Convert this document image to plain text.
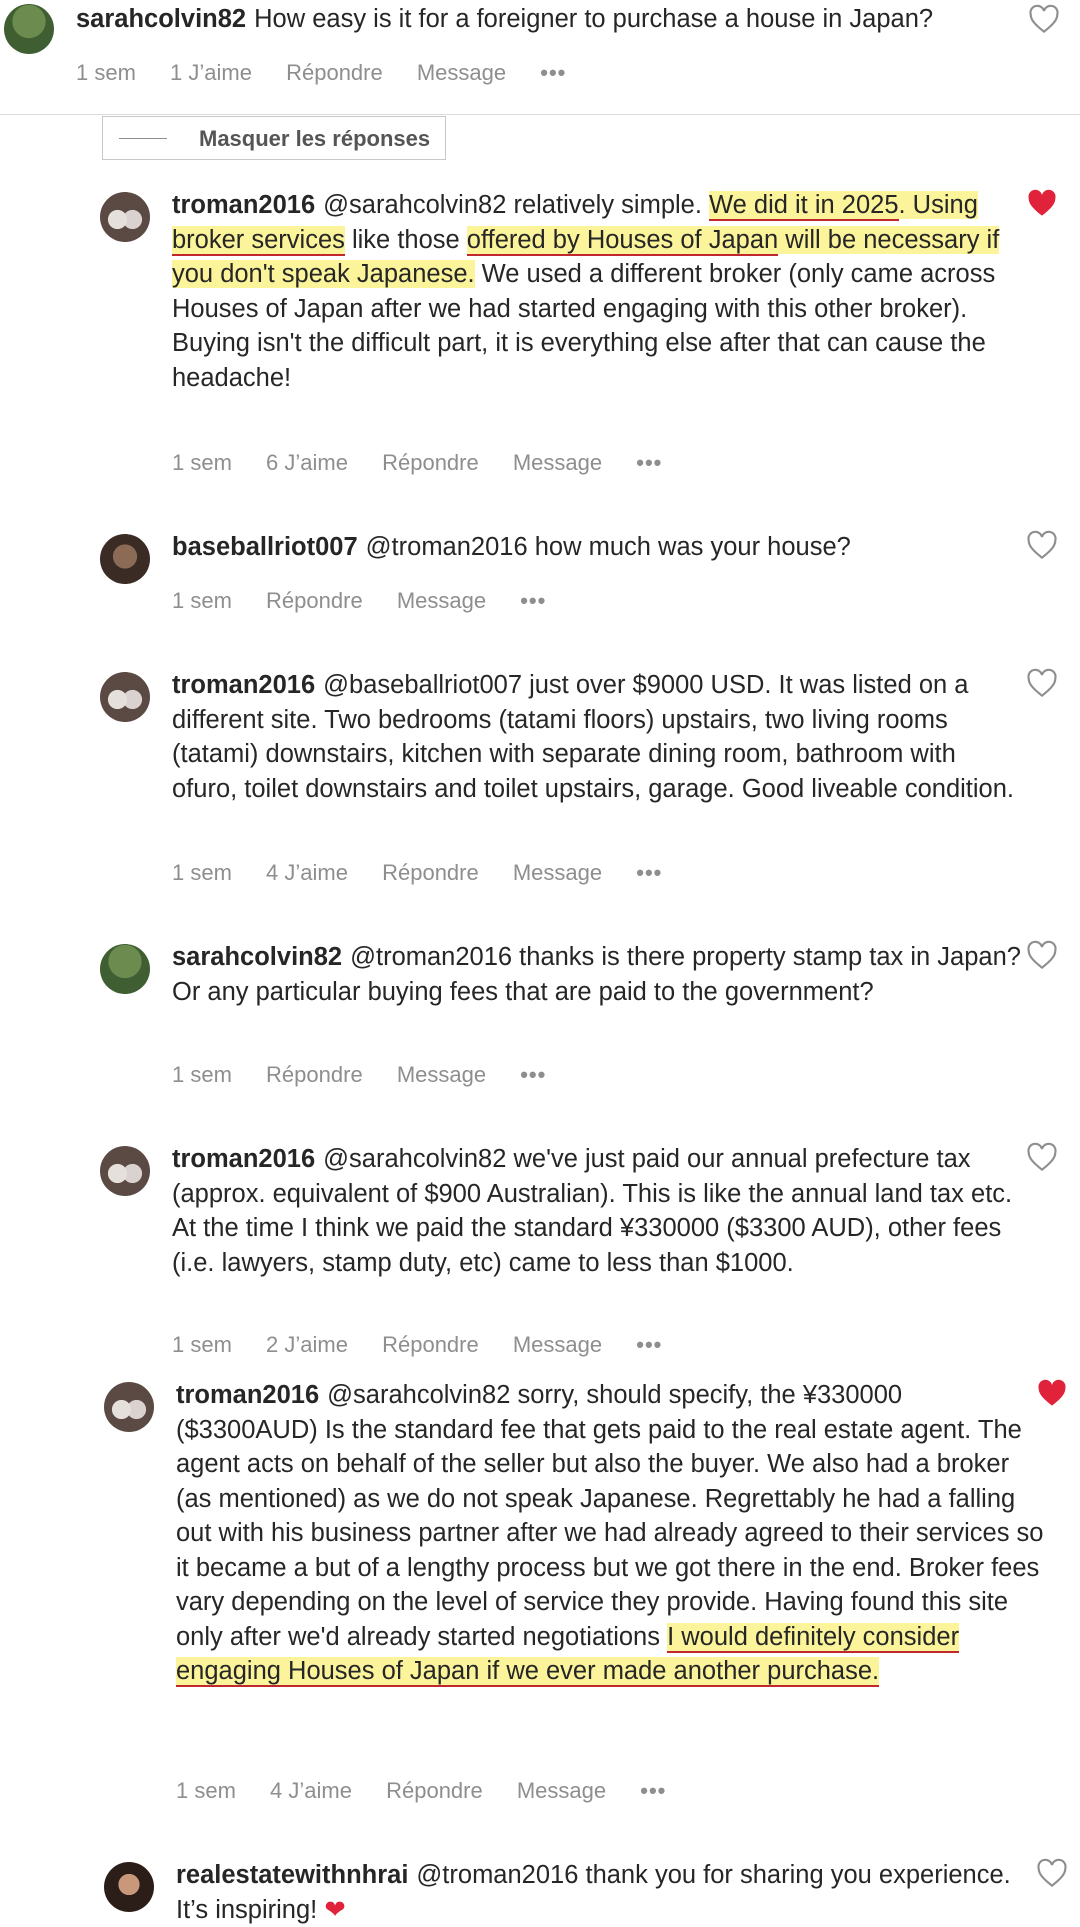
sarahcolvin82 How easy is it for a foreigner to purchase a house in Japan?
1 sem 1 J’aime Répondre Message •••
Masquer les réponses
troman2016 @sarahcolvin82 relatively simple. We did it in 2025. Using broker services like those offered by Houses of Japan will be necessary if you don't speak Japanese. We used a different broker (only came across Houses of Japan after we had started engaging with this other broker). Buying isn't the difficult part, it is everything else after that can cause the headache!
1 sem 6 J’aime Répondre Message •••
baseballriot007 @troman2016 how much was your house?
1 sem Répondre Message •••
troman2016 @baseballriot007 just over $9000 USD. It was listed on a different site. Two bedrooms (tatami floors) upstairs, two living rooms (tatami) downstairs, kitchen with separate dining room, bathroom with ofuro, toilet downstairs and toilet upstairs, garage. Good liveable condition.
1 sem 4 J’aime Répondre Message •••
sarahcolvin82 @troman2016 thanks is there property stamp tax in Japan? Or any particular buying fees that are paid to the government?
1 sem Répondre Message •••
troman2016 @sarahcolvin82 we've just paid our annual prefecture tax (approx. equivalent of $900 Australian). This is like the annual land tax etc. At the time I think we paid the standard ¥330000 ($3300 AUD), other fees (i.e. lawyers, stamp duty, etc) came to less than $1000.
1 sem 2 J’aime Répondre Message •••
troman2016 @sarahcolvin82 sorry, should specify, the ¥330000 ($3300AUD) Is the standard fee that gets paid to the real estate agent. The agent acts on behalf of the seller but also the buyer. We also had a broker (as mentioned) as we do not speak Japanese. Regrettably he had a falling out with his business partner after we had already agreed to their services so it became a but of a lengthy process but we got there in the end. Broker fees vary depending on the level of service they provide. Having found this site only after we'd already started negotiations I would definitely consider engaging Houses of Japan if we ever made another purchase.
1 sem 4 J’aime Répondre Message •••
realestatewithnhrai @troman2016 thank you for sharing you experience. It’s inspiring! ❤
